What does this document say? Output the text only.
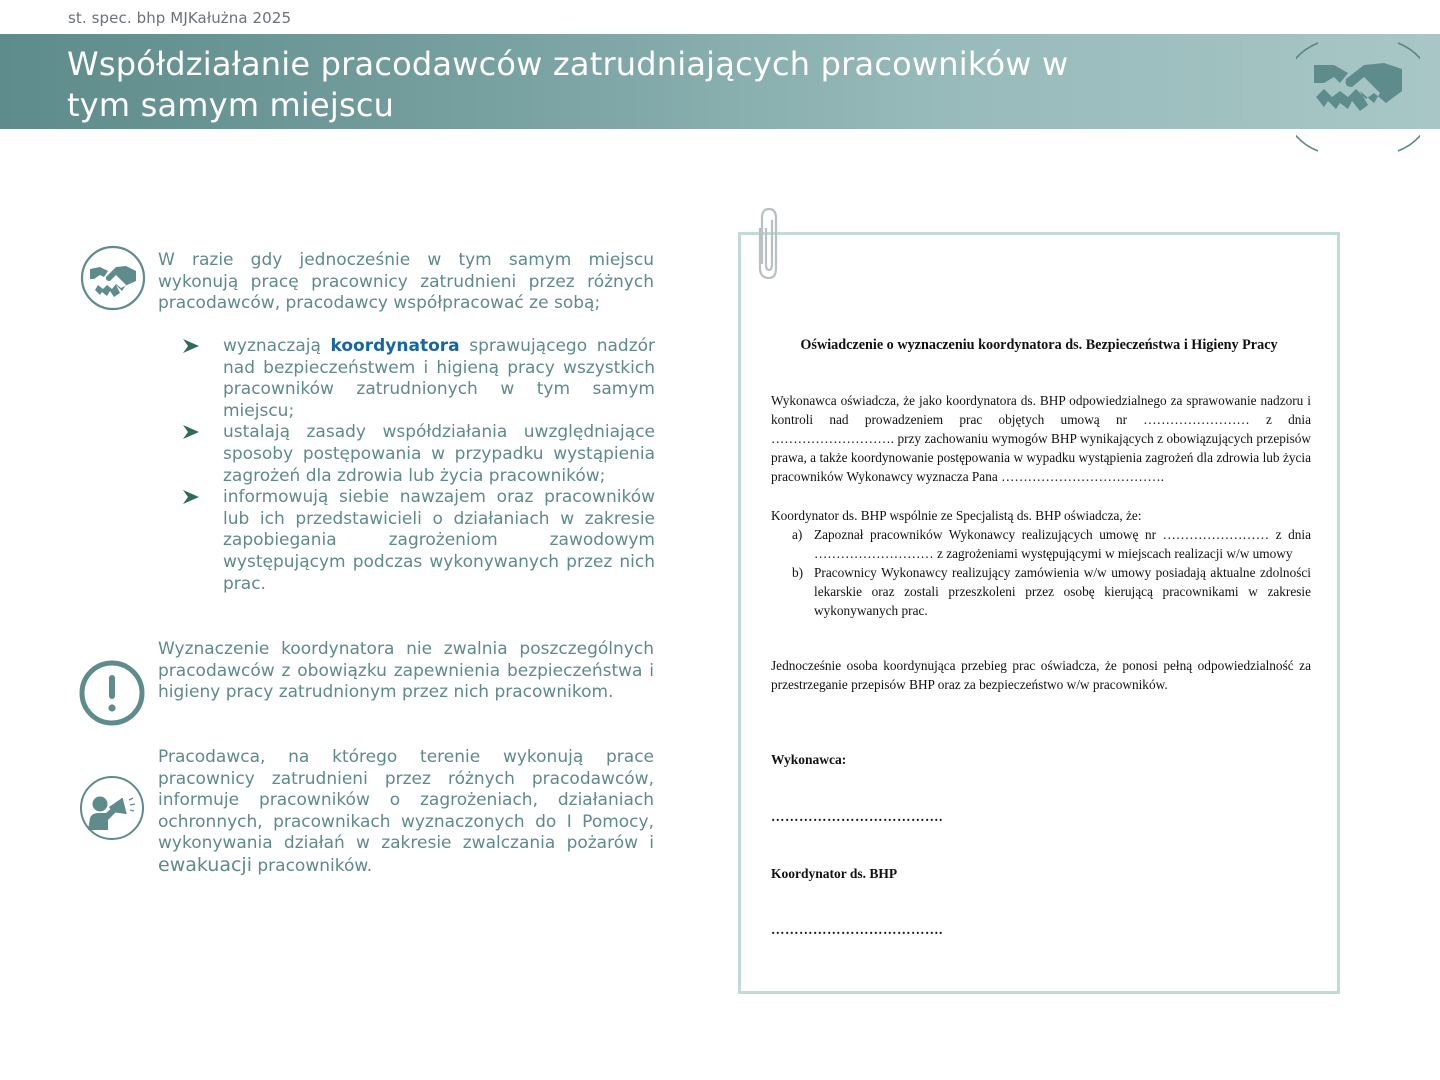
st. spec. bhp MJKałużna 2025
Współdziałanie pracodawców zatrudniających pracowników w
tym samym miejscu

W razie gdy jednocześnie w tym samym miejscu wykonują pracę pracownicy zatrudnieni przez różnych pracodawców, pracodawcy współpracować ze sobą;

wyznaczają koordynatora sprawującego nadzór nad bezpieczeństwem i higieną pracy wszystkich pracowników zatrudnionych w tym samym miejscu;
ustalają zasady współdziałania uwzględniające sposoby postępowania w przypadku wystąpienia zagrożeń dla zdrowia lub życia pracowników;
informowują siebie nawzajem oraz pracowników lub ich przedstawicieli o działaniach w zakresie zapobiegania zagrożeniom zawodowym występującym podczas wykonywanych przez nich prac.

Wyznaczenie koordynatora nie zwalnia poszczególnych pracodawców z obowiązku zapewnienia bezpieczeństwa i higieny pracy zatrudnionym przez nich pracownikom.

Pracodawca, na którego terenie wykonują prace pracownicy zatrudnieni przez różnych pracodawców, informuje pracowników o zagrożeniach, działaniach ochronnych, pracownikach wyznaczonych do I Pomocy, wykonywania działań w zakresie zwalczania pożarów i ewakuacji pracowników.

Oświadczenie o wyznaczeniu koordynatora ds. Bezpieczeństwa i Higieny Pracy

Wykonawca oświadcza, że jako koordynatora ds. BHP odpowiedzialnego za sprawowanie nadzoru i kontroli nad prowadzeniem prac objętych umową nr …………………… z dnia ………………………. przy zachowaniu wymogów BHP wynikających z obowiązujących przepisów prawa, a także koordynowanie postępowania w wypadku wystąpienia zagrożeń dla zdrowia lub życia pracowników Wykonawcy wyznacza Pana ……………………………….

Koordynator ds. BHP wspólnie ze Specjalistą ds. BHP oświadcza, że:

a) Zapoznał pracowników Wykonawcy realizujących umowę nr …………………… z dnia ……………………… z zagrożeniami występującymi w miejscach realizacji w/w umowy
b) Pracownicy Wykonawcy realizujący zamówienia w/w umowy posiadają aktualne zdolności lekarskie oraz zostali przeszkoleni przez osobę kierującą pracownikami w zakresie wykonywanych prac.

Jednocześnie osoba koordynująca przebieg prac oświadcza, że ponosi pełną odpowiedzialność za przestrzeganie przepisów BHP oraz za bezpieczeństwo w/w pracowników.

Wykonawca:
……………………………….
Koordynator ds. BHP
……………………………….
